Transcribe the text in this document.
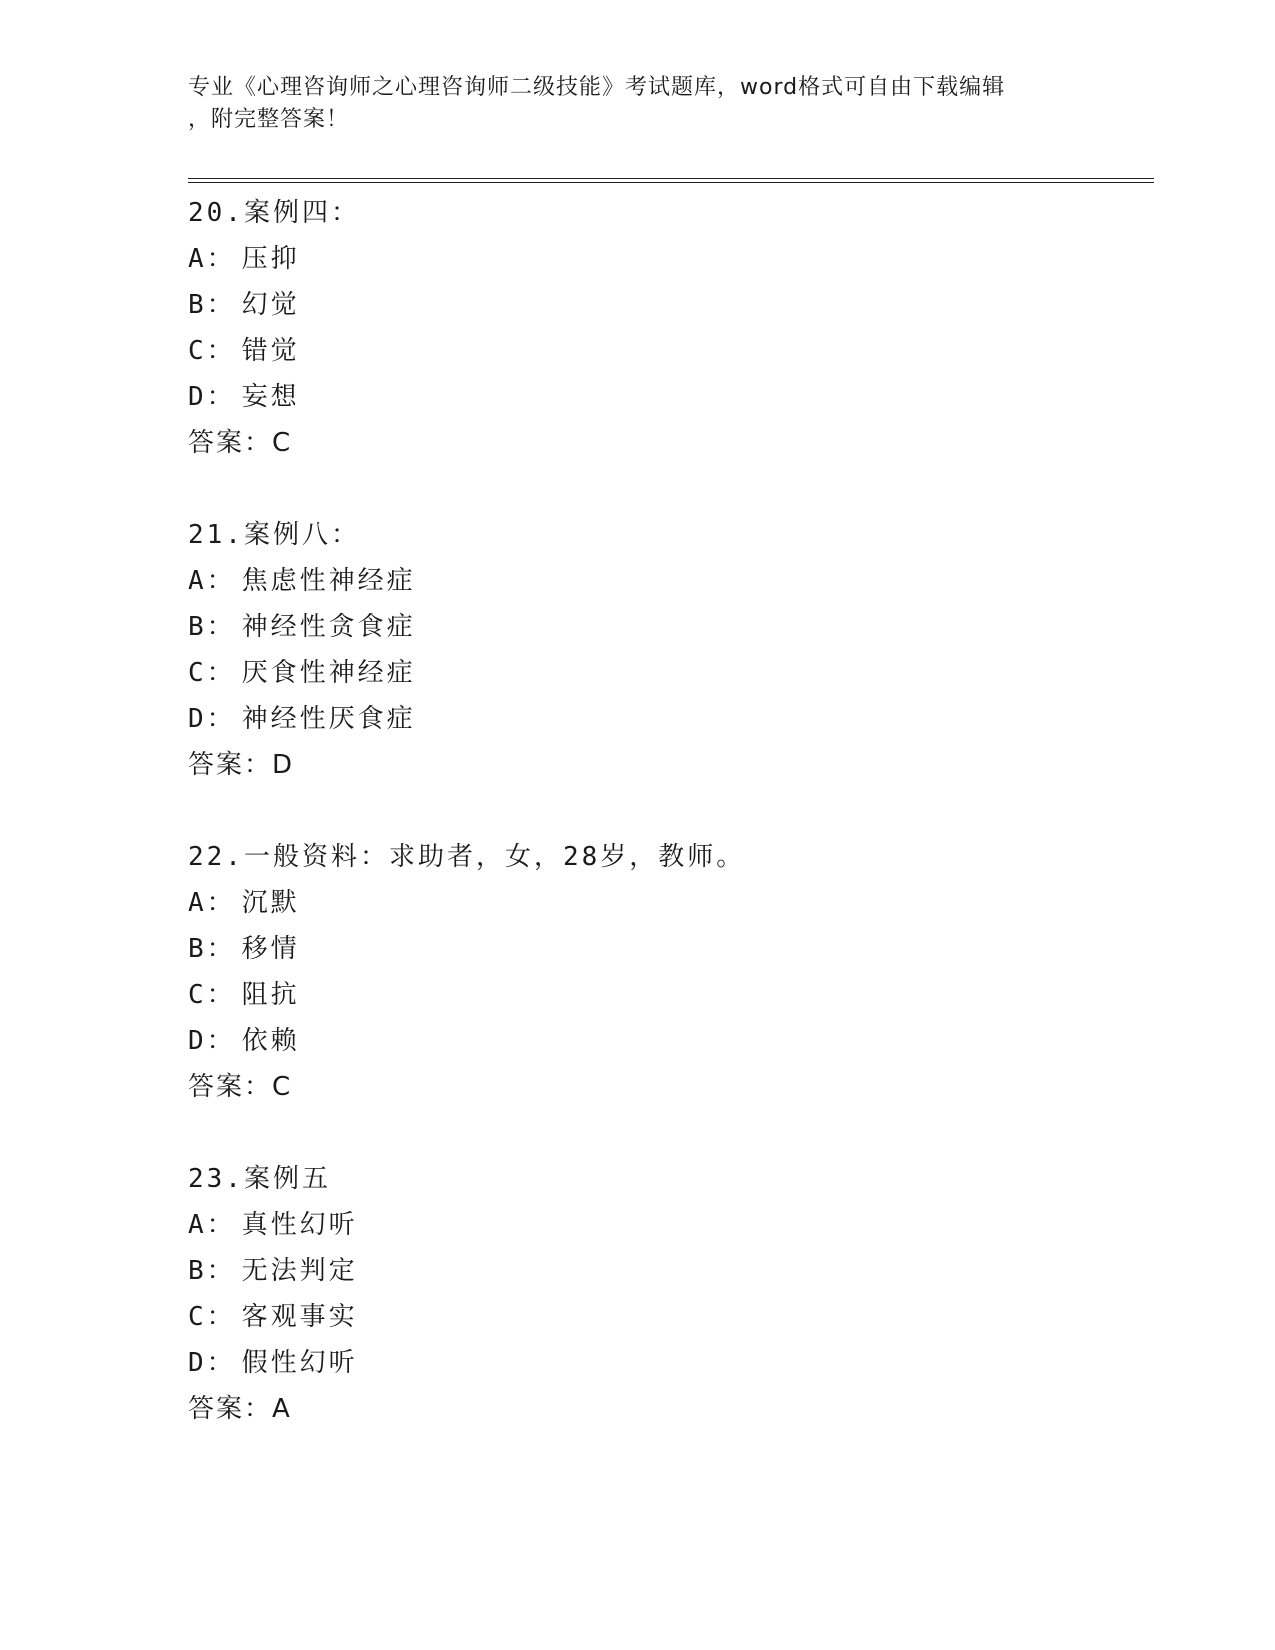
专业《心理咨询师之心理咨询师二级技能》考试题库，word格式可自由下载编辑
，附完整答案！
20.案例四：
A： 压抑
B： 幻觉
C： 错觉
D： 妄想
答案：C
21.案例八：
A： 焦虑性神经症
B： 神经性贪食症
C： 厌食性神经症
D： 神经性厌食症
答案：D
22.一般资料：求助者，女，28岁，教师。
A： 沉默
B： 移情
C： 阻抗
D： 依赖
答案：C
23.案例五
A： 真性幻听
B： 无法判定
C： 客观事实
D： 假性幻听
答案：A
